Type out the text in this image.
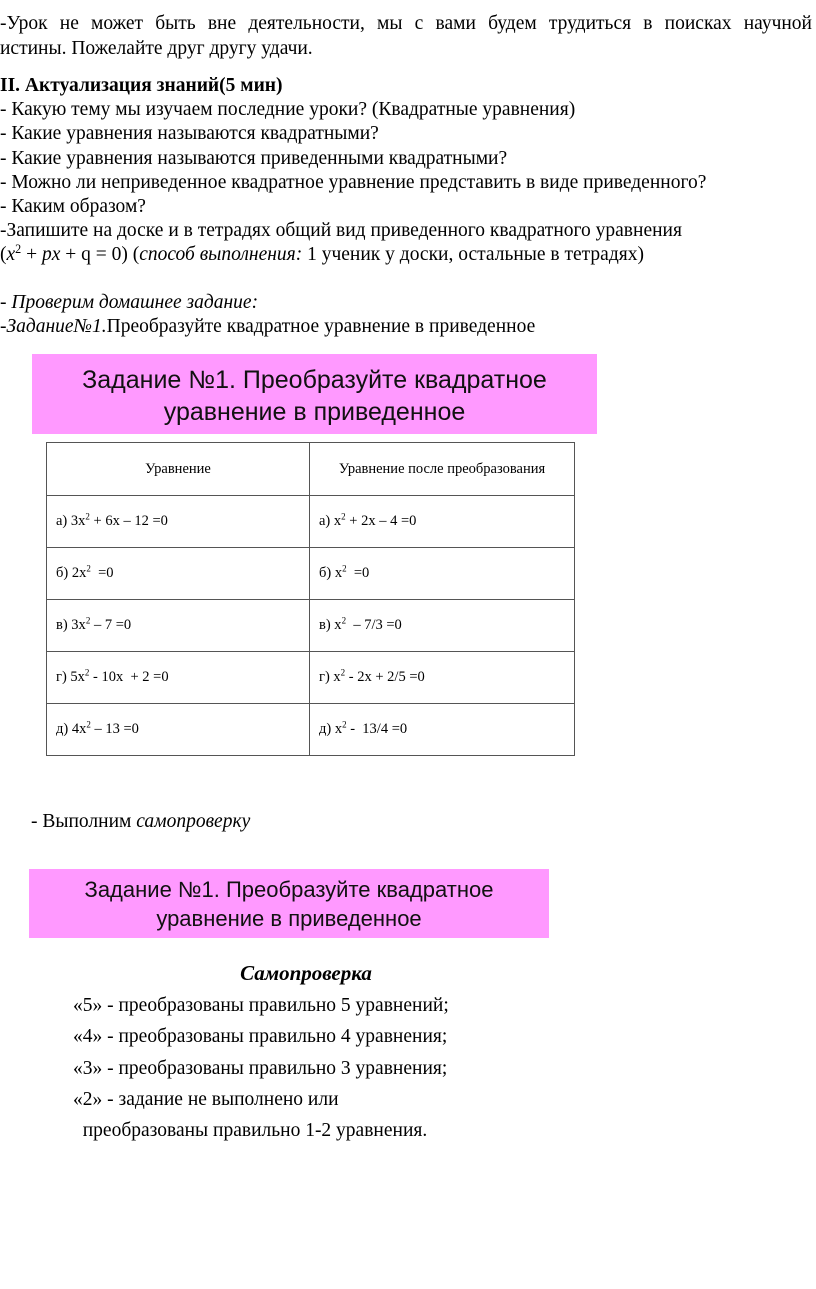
-Урок не может быть вне деятельности, мы с вами будем трудиться в поисках научной
истины. Пожелайте друг другу удачи.
II. Актуализация знаний(5 мин)
- Какую тему мы изучаем последние уроки? (Квадратные уравнения)
- Какие уравнения называются квадратными?
- Какие уравнения называются приведенными квадратными?
- Можно ли неприведенное квадратное уравнение представить в виде приведенного?
- Каким образом?
-Запишите на доске и в тетрадях общий вид приведенного квадратного уравнения
($x^2$ + px + q = 0) (способ выполнения: 1 ученик у доски, остальные в тетрадях)
- Проверим домашнее задание:
-Задание№1.Преобразуйте квадратное уравнение в приведенное
Задание №1. Преобразуйте квадратное
уравнение в приведенное
Уравнение	Уравнение после преобразования
а) $3x^2 + 6x - 12 =0$	а) $x^2 + 2x - 4 =0$
б) $2x^2 =0$	б) $x^2 =0$
в) $3x^2 - 7 =0$	в) $x^2 - 7/3 =0$
г) $5x^2 - 10x + 2 =0$	г) $x^2 - 2x + 2/5 =0$
д) $4x^2 - 13 =0$	д) $x^2 - 13/4 =0$
- Выполним самопроверку
Задание №1. Преобразуйте квадратное
уравнение в приведенное
Самопроверка
«5» - преобразованы правильно 5 уравнений;
«4» - преобразованы правильно 4 уравнения;
«3» - преобразованы правильно 3 уравнения;
«2» - задание не выполнено или
преобразованы правильно 1-2 уравнения.
